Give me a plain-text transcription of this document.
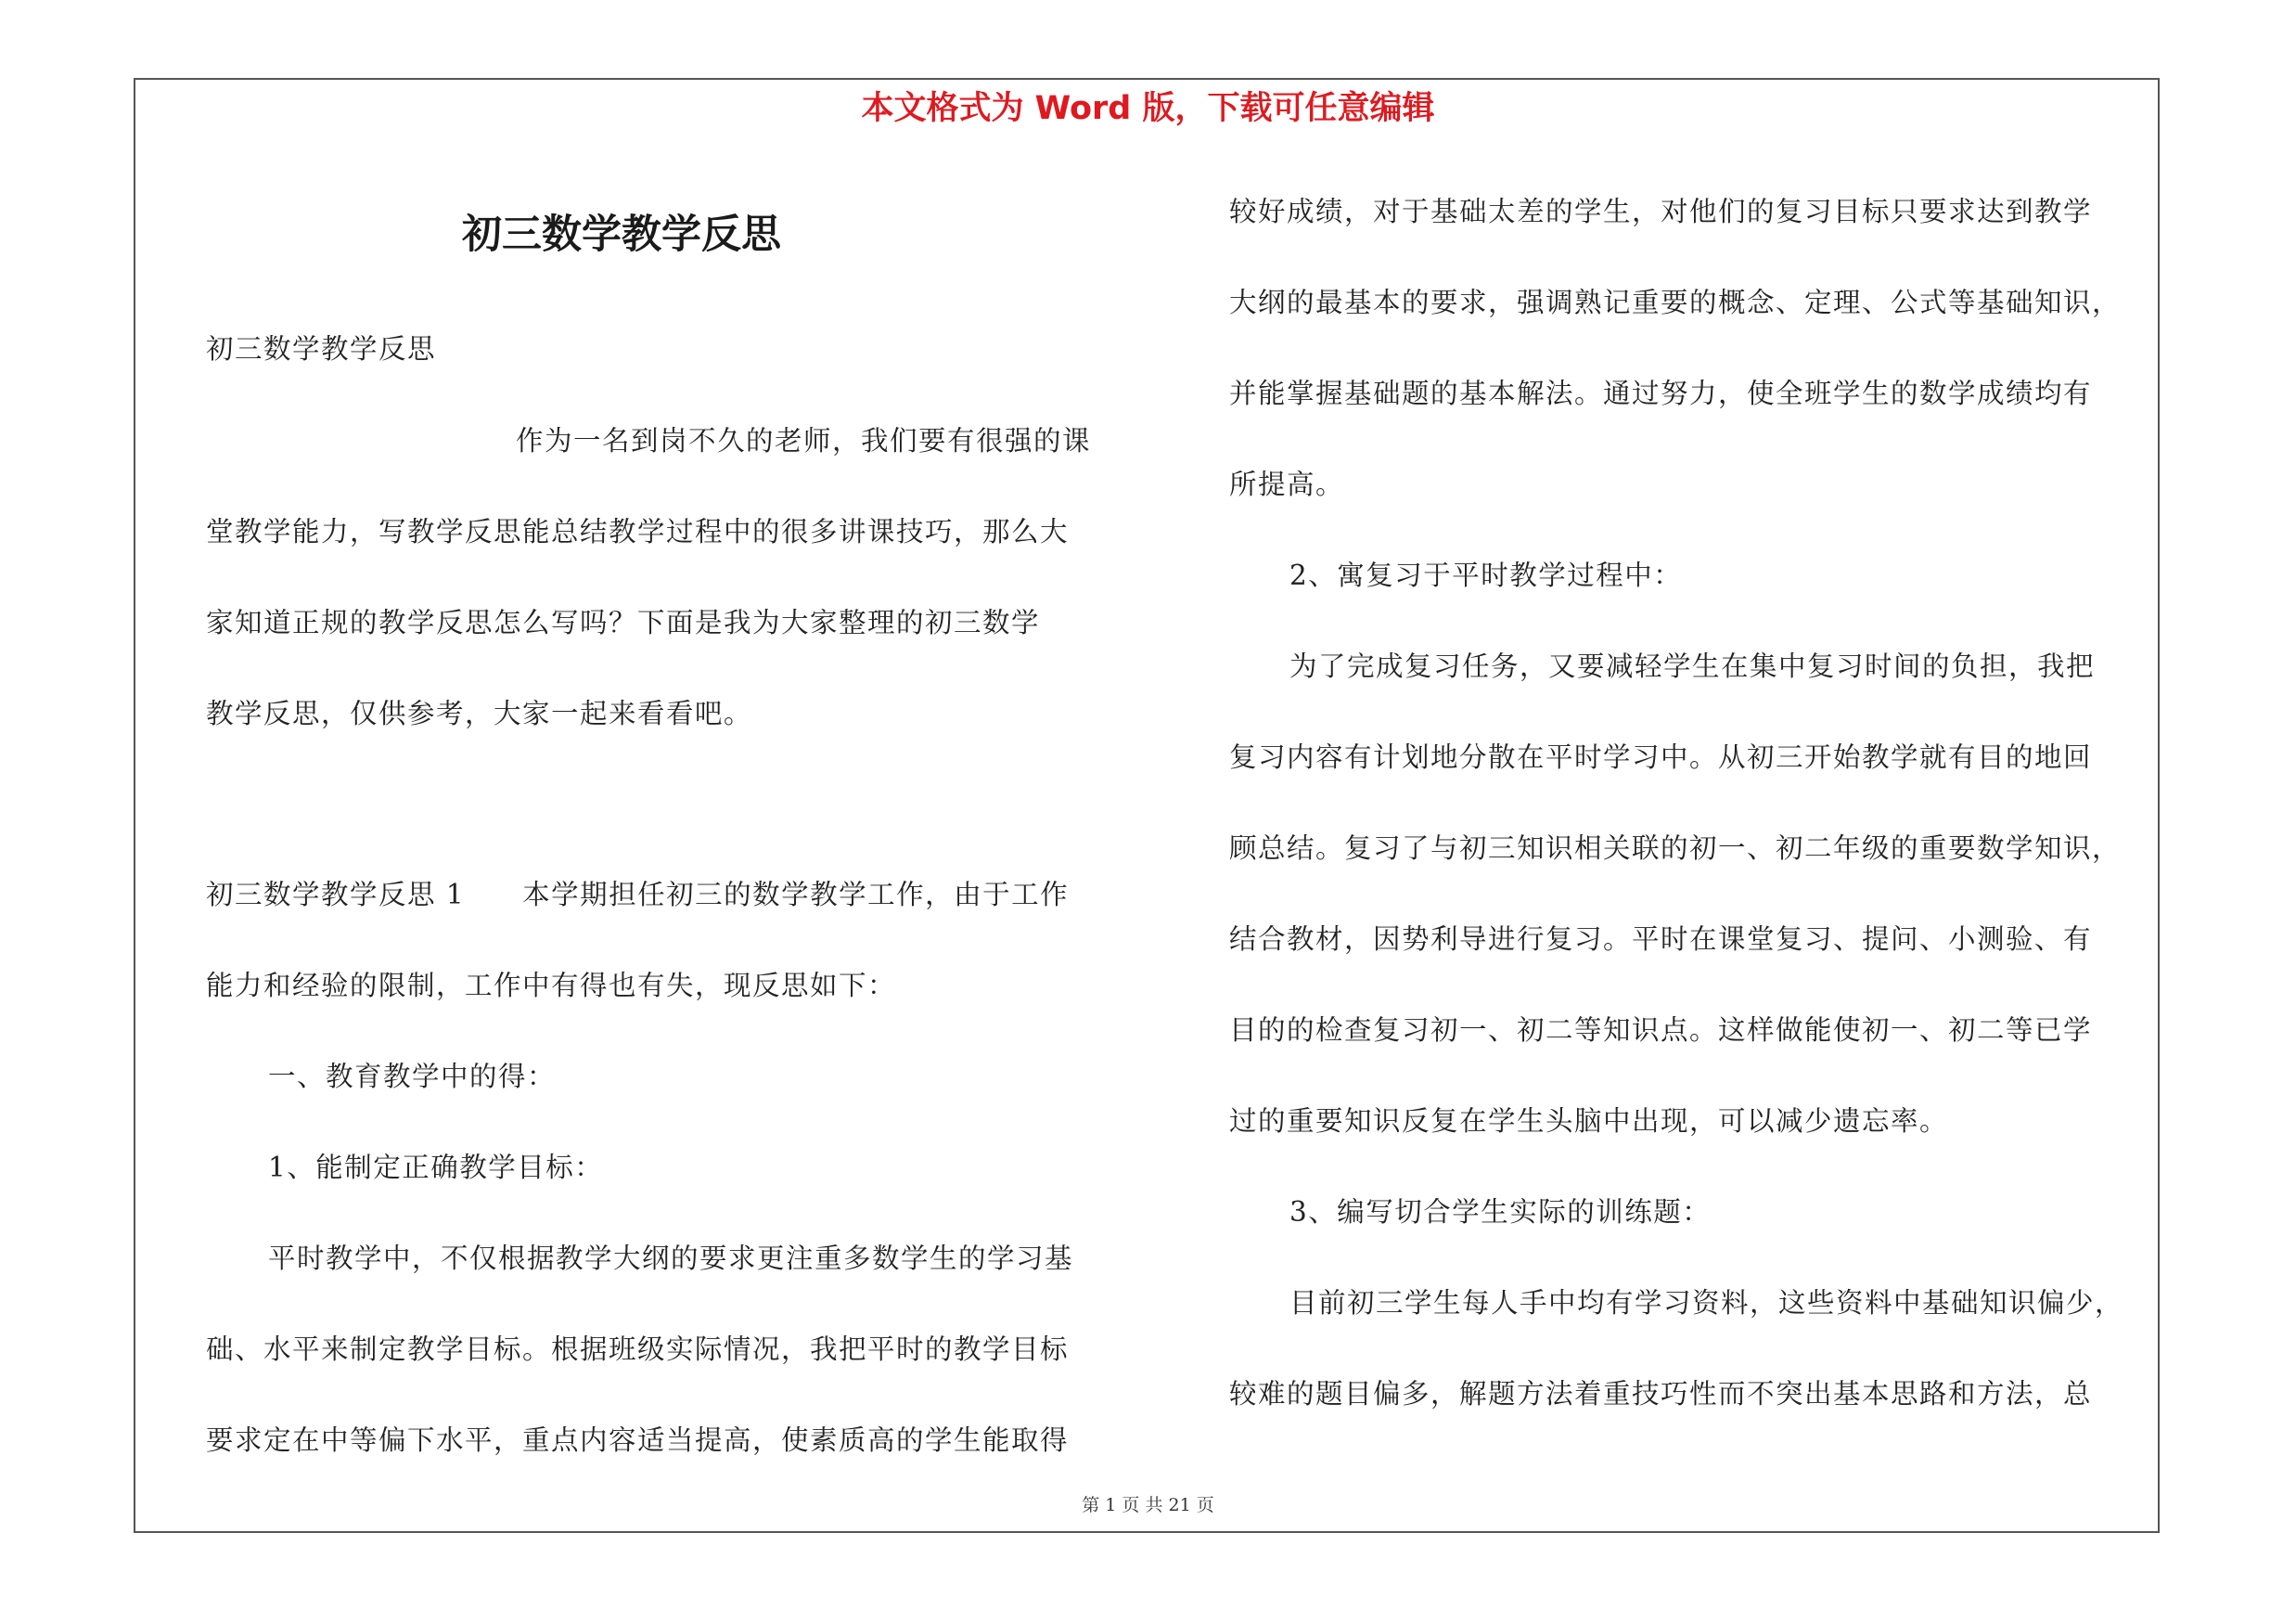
本文格式为 Word 版，下载可任意编辑
初三数学教学反思
初三数学教学反思
作为一名到岗不久的老师，我们要有很强的课
堂教学能力，写教学反思能总结教学过程中的很多讲课技巧，那么大
家知道正规的教学反思怎么写吗？下面是我为大家整理的初三数学
教学反思，仅供参考，大家一起来看看吧。
初三数学教学反思 1　　本学期担任初三的数学教学工作，由于工作
能力和经验的限制，工作中有得也有失，现反思如下：
一、教育教学中的得：
1、能制定正确教学目标：
平时教学中，不仅根据教学大纲的要求更注重多数学生的学习基
础、水平来制定教学目标。根据班级实际情况，我把平时的教学目标
要求定在中等偏下水平，重点内容适当提高，使素质高的学生能取得
较好成绩，对于基础太差的学生，对他们的复习目标只要求达到教学
大纲的最基本的要求，强调熟记重要的概念、定理、公式等基础知识，
并能掌握基础题的基本解法。通过努力，使全班学生的数学成绩均有
所提高。
2、寓复习于平时教学过程中：
为了完成复习任务，又要减轻学生在集中复习时间的负担，我把
复习内容有计划地分散在平时学习中。从初三开始教学就有目的地回
顾总结。复习了与初三知识相关联的初一、初二年级的重要数学知识，
结合教材，因势利导进行复习。平时在课堂复习、提问、小测验、有
目的的检查复习初一、初二等知识点。这样做能使初一、初二等已学
过的重要知识反复在学生头脑中出现，可以减少遗忘率。
3、编写切合学生实际的训练题：
目前初三学生每人手中均有学习资料，这些资料中基础知识偏少，
较难的题目偏多，解题方法着重技巧性而不突出基本思路和方法，总
第 1 页 共 21 页
